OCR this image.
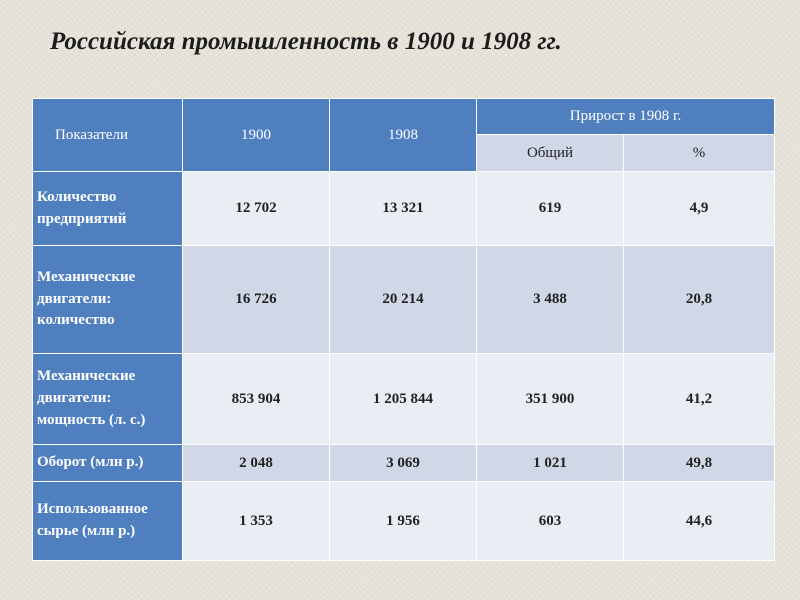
Российская промышленность в 1900 и 1908 гг.
Показатели	1900	1908	Прирост в 1908 г.	
			Общий	%
Количество предприятий	12 702	13 321	619	4,9
Механические двигатели: количество	16 726	20 214	3 488	20,8
Механические двигатели: мощность (л. с.)	853 904	1 205 844	351 900	41,2
Оборот (млн р.)	2 048	3 069	1 021	49,8
Использованное сырье (млн р.)	1 353	1 956	603	44,6
